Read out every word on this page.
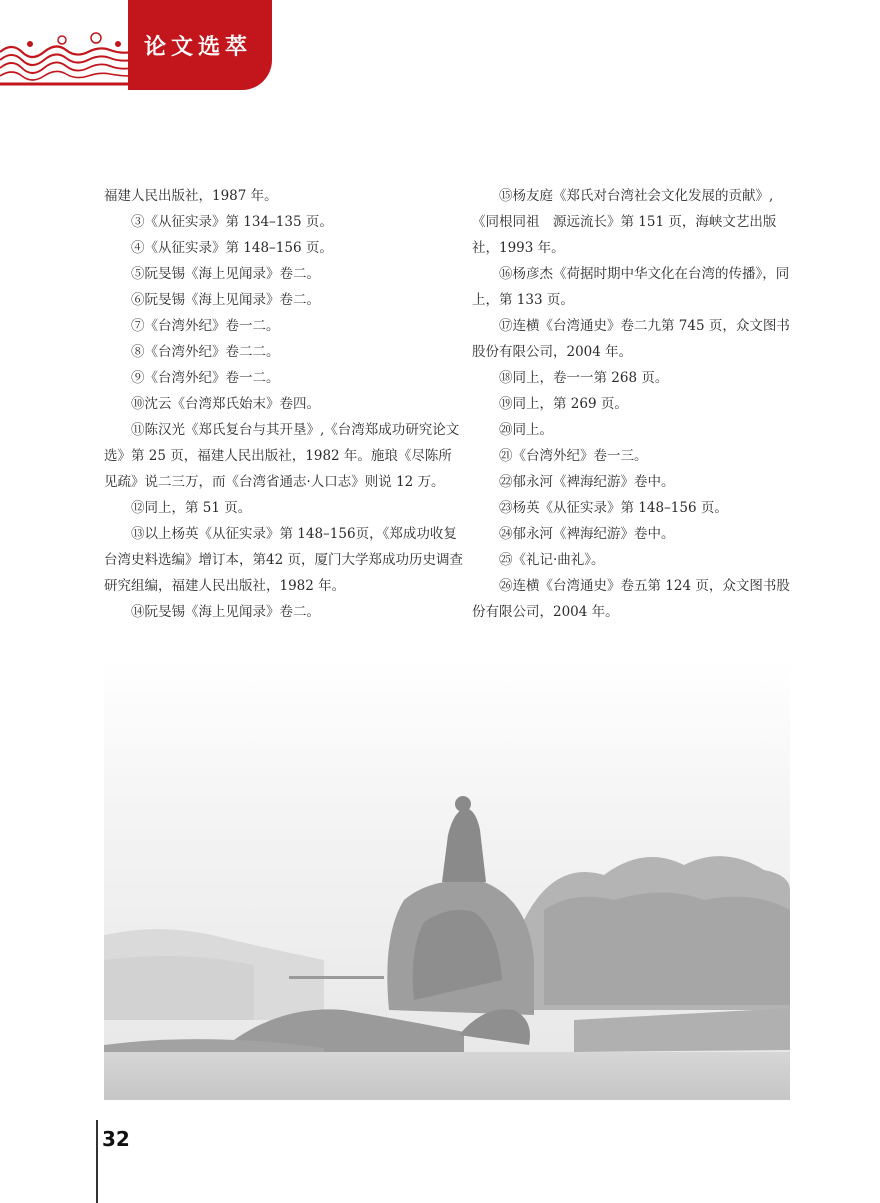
论文选萃

福建人民出版社，1987 年。

③《从征实录》第 134–135 页。

④《从征实录》第 148–156 页。

⑤阮旻锡《海上见闻录》卷二。

⑥阮旻锡《海上见闻录》卷二。

⑦《台湾外纪》卷一二。

⑧《台湾外纪》卷二二。

⑨《台湾外纪》卷一二。

⑩沈云《台湾郑氏始末》卷四。

⑪陈汉光《郑氏复台与其开垦》,《台湾郑成功研究论文选》第 25 页，福建人民出版社，1982 年。施琅《尽陈所见疏》说二三万，而《台湾省通志·人口志》则说 12 万。

⑫同上，第 51 页。

⑬以上杨英《从征实录》第 148–156页，《郑成功收复台湾史料选编》增订本，第42 页，厦门大学郑成功历史调查研究组编，福建人民出版社，1982 年。

⑭阮旻锡《海上见闻录》卷二。

⑮杨友庭《郑氏对台湾社会文化发展的贡献》,《同根同祖　源远流长》第 151 页，海峡文艺出版社，1993 年。

⑯杨彦杰《荷据时期中华文化在台湾的传播》，同上，第 133 页。

⑰连横《台湾通史》卷二九第 745 页，众文图书股份有限公司，2004 年。

⑱同上，卷一一第 268 页。

⑲同上，第 269 页。

⑳同上。

㉑《台湾外纪》卷一三。

㉒郁永河《裨海纪游》卷中。

㉓杨英《从征实录》第 148–156 页。

㉔郁永河《裨海纪游》卷中。

㉕《礼记·曲礼》。

㉖连横《台湾通史》卷五第 124 页，众文图书股份有限公司，2004 年。

32
